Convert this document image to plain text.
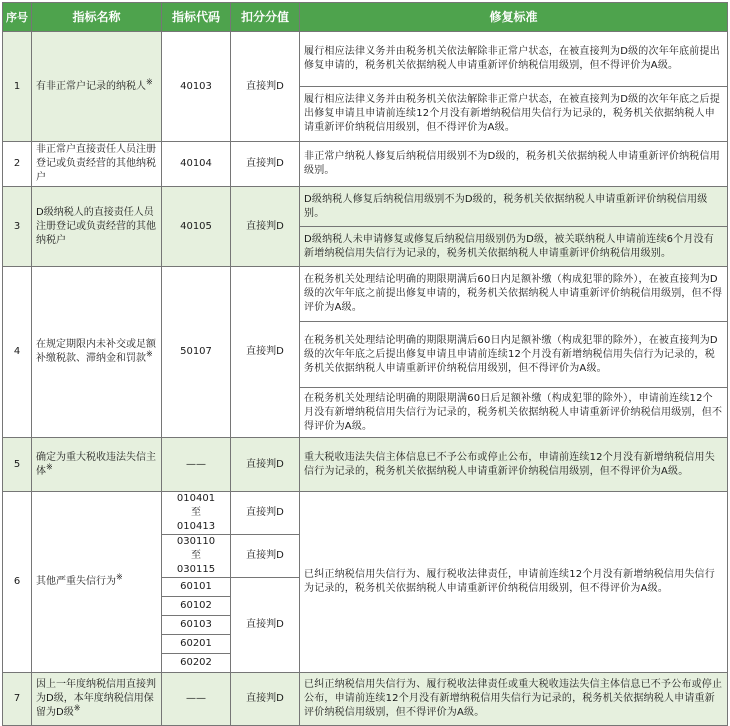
序号	指标名称	指标代码	扣分分值	修复标准
1	有非正常户记录的纳税人※	40103	直接判D	履行相应法律义务并由税务机关依法解除非正常户状态，在被直接判为D级的次年年底前提出修复申请的，税务机关依据纳税人申请重新评价纳税信用级别，但不得评价为A级。
				履行相应法律义务并由税务机关依法解除非正常户状态，在被直接判为D级的次年年底之后提出修复申请且申请前连续12个月没有新增纳税信用失信行为记录的，税务机关依据纳税人申请重新评价纳税信用级别，但不得评价为A级。
2	非正常户直接责任人员注册登记或负责经营的其他纳税户	40104	直接判D	非正常户纳税人修复后纳税信用级别不为D级的，税务机关依据纳税人申请重新评价纳税信用级别。
3	D级纳税人的直接责任人员注册登记或负责经营的其他纳税户	40105	直接判D	D级纳税人修复后纳税信用级别不为D级的，税务机关依据纳税人申请重新评价纳税信用级别。
				D级纳税人未申请修复或修复后纳税信用级别仍为D级，被关联纳税人申请前连续6个月没有新增纳税信用失信行为记录的，税务机关依据纳税人申请重新评价纳税信用级别。
4	在规定期限内未补交或足额补缴税款、滞纳金和罚款※	50107	直接判D	在税务机关处理结论明确的期限期满后60日内足额补缴（构成犯罪的除外），在被直接判为D级的次年年底之前提出修复申请的，税务机关依据纳税人申请重新评价纳税信用级别，但不得评价为A级。
				在税务机关处理结论明确的期限期满后60日内足额补缴（构成犯罪的除外），在被直接判为D级的次年年底之后提出修复申请且申请前连续12个月没有新增纳税信用失信行为记录的，税务机关依据纳税人申请重新评价纳税信用级别，但不得评价为A级。
				在税务机关处理结论明确的期限期满60日后足额补缴（构成犯罪的除外），申请前连续12个月没有新增纳税信用失信行为记录的，税务机关依据纳税人申请重新评价纳税信用级别，但不得评价为A级。
5	确定为重大税收违法失信主体※	——	直接判D	重大税收违法失信主体信息已不予公布或停止公布，申请前连续12个月没有新增纳税信用失信行为记录的，税务机关依据纳税人申请重新评价纳税信用级别，但不得评价为A级。
6	其他严重失信行为※	010401至010413	直接判D	已纠正纳税信用失信行为、履行税收法律责任，申请前连续12个月没有新增纳税信用失信行为记录的，税务机关依据纳税人申请重新评价纳税信用级别，但不得评价为A级。
		030110至030115	直接判D	
		60101	直接判D	
		60102		
		60103		
		60201		
		60202		
7	因上一年度纳税信用直接判为D级，本年度纳税信用保留为D级※	——	直接判D	已纠正纳税信用失信行为、履行税收法律责任或重大税收违法失信主体信息已不予公布或停止公布，申请前连续12个月没有新增纳税信用失信行为记录的，税务机关依据纳税人申请重新评价纳税信用级别，但不得评价为A级。
